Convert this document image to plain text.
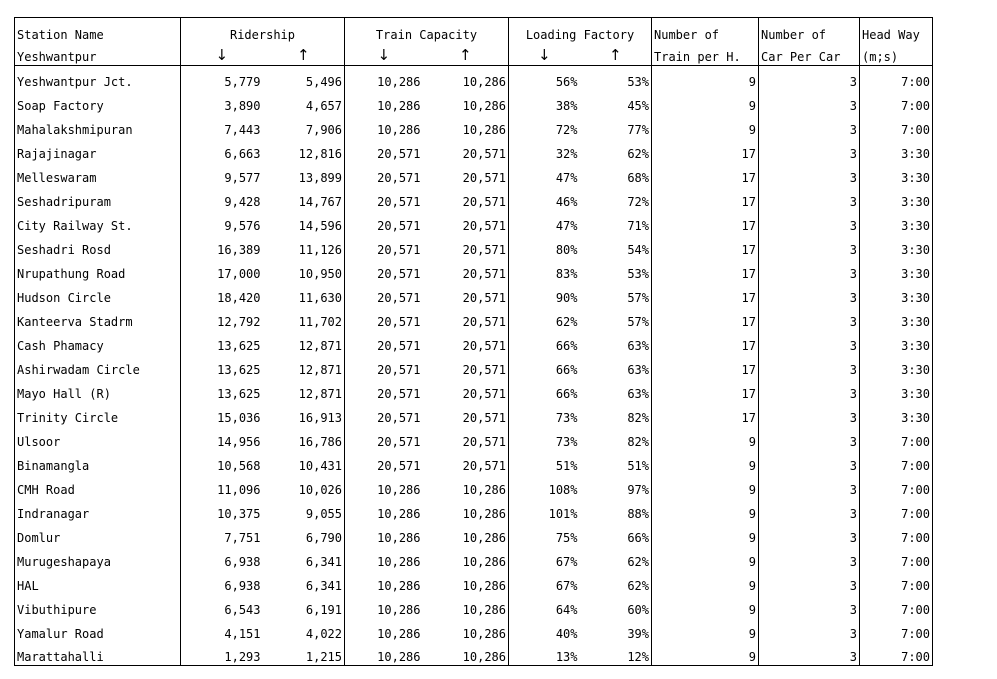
Station Name	Ridership		Train Capacity		Loading Factory		Number of	Number of	Head Way
Yeshwantpur	↓	↑	↓	↑	↓	↑	Train per H.	Car Per Car	(m;s)
Yeshwantpur Jct.	5,779	5,496	10,286	10,286	56%	53%	9	3	7:00
Soap Factory	3,890	4,657	10,286	10,286	38%	45%	9	3	7:00
Mahalakshmipuran	7,443	7,906	10,286	10,286	72%	77%	9	3	7:00
Rajajinagar	6,663	12,816	20,571	20,571	32%	62%	17	3	3:30
Melleswaram	9,577	13,899	20,571	20,571	47%	68%	17	3	3:30
Seshadripuram	9,428	14,767	20,571	20,571	46%	72%	17	3	3:30
City Railway St.	9,576	14,596	20,571	20,571	47%	71%	17	3	3:30
Seshadri Rosd	16,389	11,126	20,571	20,571	80%	54%	17	3	3:30
Nrupathung Road	17,000	10,950	20,571	20,571	83%	53%	17	3	3:30
Hudson Circle	18,420	11,630	20,571	20,571	90%	57%	17	3	3:30
Kanteerva Stadrm	12,792	11,702	20,571	20,571	62%	57%	17	3	3:30
Cash Phamacy	13,625	12,871	20,571	20,571	66%	63%	17	3	3:30
Ashirwadam Circle	13,625	12,871	20,571	20,571	66%	63%	17	3	3:30
Mayo Hall (R)	13,625	12,871	20,571	20,571	66%	63%	17	3	3:30
Trinity Circle	15,036	16,913	20,571	20,571	73%	82%	17	3	3:30
Ulsoor	14,956	16,786	20,571	20,571	73%	82%	9	3	7:00
Binamangla	10,568	10,431	20,571	20,571	51%	51%	9	3	7:00
CMH Road	11,096	10,026	10,286	10,286	108%	97%	9	3	7:00
Indranagar	10,375	9,055	10,286	10,286	101%	88%	9	3	7:00
Domlur	7,751	6,790	10,286	10,286	75%	66%	9	3	7:00
Murugeshapaya	6,938	6,341	10,286	10,286	67%	62%	9	3	7:00
HAL	6,938	6,341	10,286	10,286	67%	62%	9	3	7:00
Vibuthipure	6,543	6,191	10,286	10,286	64%	60%	9	3	7:00
Yamalur Road	4,151	4,022	10,286	10,286	40%	39%	9	3	7:00
Marattahalli	1,293	1,215	10,286	10,286	13%	12%	9	3	7:00
